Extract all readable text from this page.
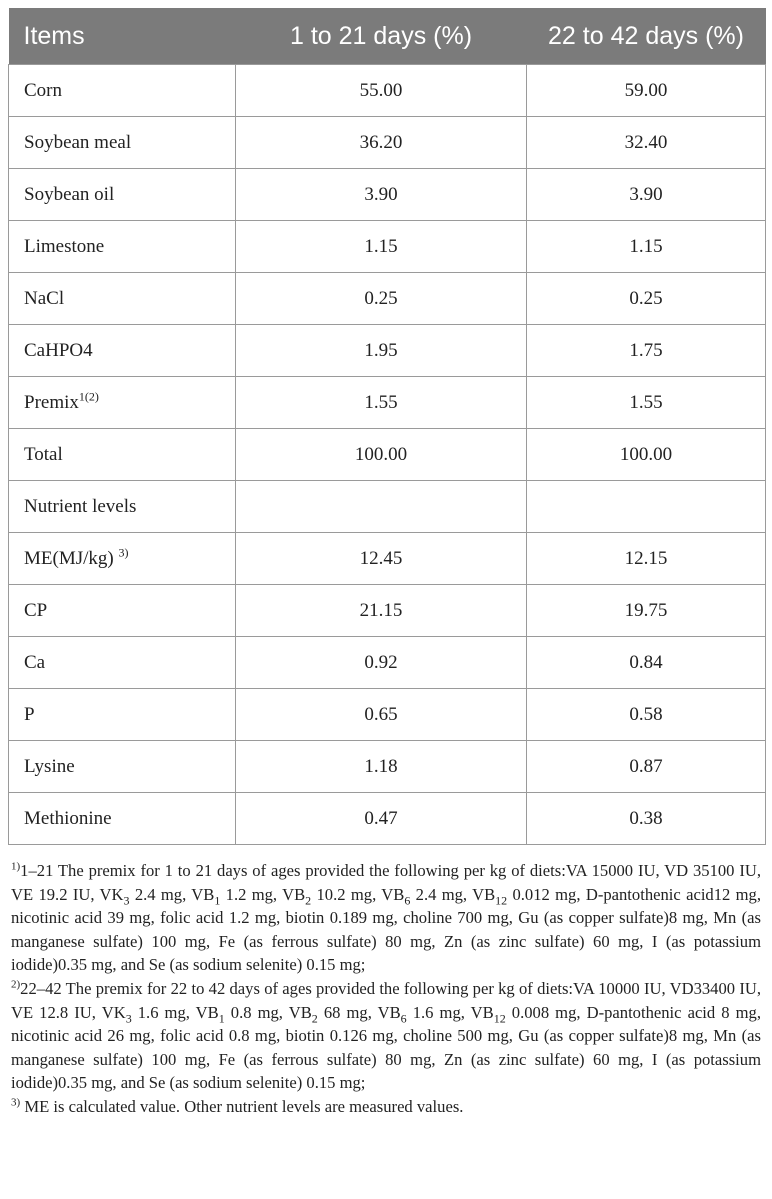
Items	1 to 21 days (%)	22 to 42 days (%)
Corn	55.00	59.00
Soybean meal	36.20	32.40
Soybean oil	3.90	3.90
Limestone	1.15	1.15
NaCl	0.25	0.25
CaHPO4	1.95	1.75
Premix$^{1(2)}$	1.55	1.55
Total	100.00	100.00
Nutrient levels		
ME(MJ/kg) $^{3)}$	12.45	12.15
CP	21.15	19.75
Ca	0.92	0.84
P	0.65	0.58
Lysine	1.18	0.87
Methionine	0.47	0.38

$^{1)}$1–21 The premix for 1 to 21 days of ages provided the following per kg of diets:VA 15000 IU, VD 35100 IU, VE 19.2 IU, $VK_3$ 2.4 mg, $VB_1$ 1.2 mg, $VB_2$ 10.2 mg, $VB_6$ 2.4 mg, $VB_{12}$ 0.012 mg, D-pantothenic acid12 mg, nicotinic acid 39 mg, folic acid 1.2 mg, biotin 0.189 mg, choline 700 mg, Gu (as copper sulfate)8 mg, Mn (as manganese sulfate) 100 mg, Fe (as ferrous sulfate) 80 mg, Zn (as zinc sulfate) 60 mg, I (as potassium iodide)0.35 mg, and Se (as sodium selenite) 0.15 mg;

$^{2)}$22–42 The premix for 22 to 42 days of ages provided the following per kg of diets:VA 10000 IU, VD33400 IU, VE 12.8 IU, $VK_3$ 1.6 mg, $VB_1$ 0.8 mg, $VB_2$ 68 mg, $VB_6$ 1.6 mg, $VB_{12}$ 0.008 mg, D-pantothenic acid 8 mg, nicotinic acid 26 mg, folic acid 0.8 mg, biotin 0.126 mg, choline 500 mg, Gu (as copper sulfate)8 mg, Mn (as manganese sulfate) 100 mg, Fe (as ferrous sulfate) 80 mg, Zn (as zinc sulfate) 60 mg, I (as potassium iodide)0.35 mg, and Se (as sodium selenite) 0.15 mg;

$^{3)}$ ME is calculated value. Other nutrient levels are measured values.
